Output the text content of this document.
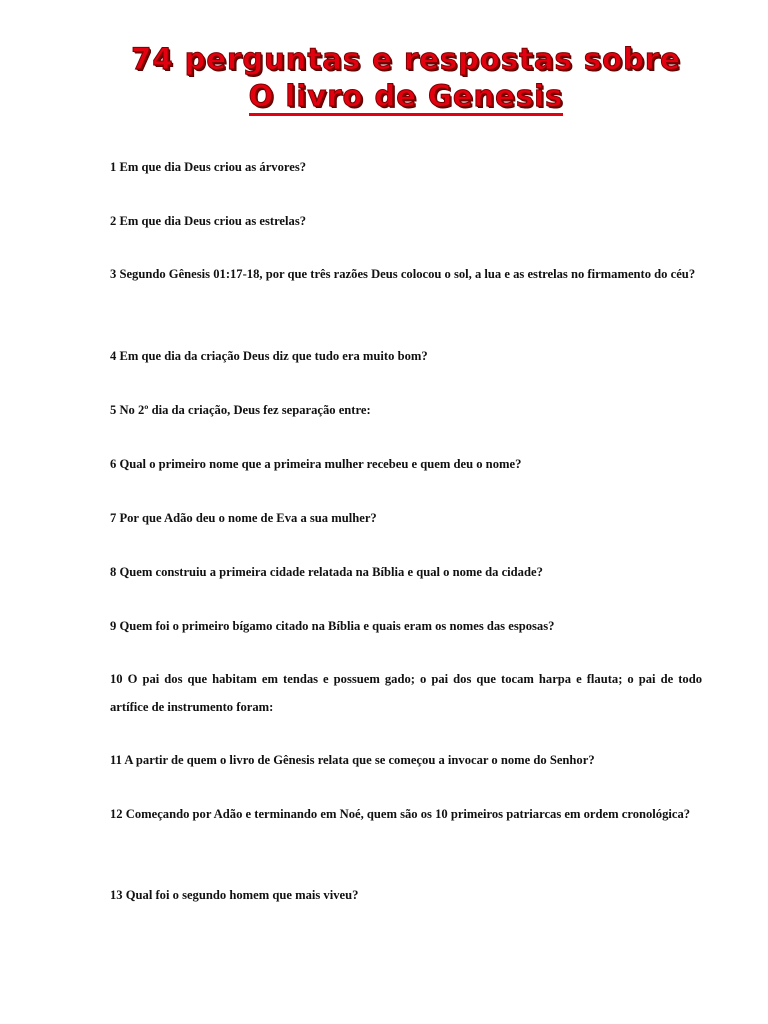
74 perguntas e respostas sobre
O livro de Genesis

1 Em que dia Deus criou as árvores?

2 Em que dia Deus criou as estrelas?

3 Segundo Gênesis 01:17-18, por que três razões Deus colocou o sol, a lua e as estrelas no firmamento do céu?

4 Em que dia da criação Deus diz que tudo era muito bom?

5 No 2º dia da criação, Deus fez separação entre:

6 Qual o primeiro nome que a primeira mulher recebeu e quem deu o nome?

7 Por que Adão deu o nome de Eva a sua mulher?

8 Quem construiu a primeira cidade relatada na Bíblia e qual o nome da cidade?

9 Quem foi o primeiro bígamo citado na Bíblia e quais eram os nomes das esposas?

10 O pai dos que habitam em tendas e possuem gado; o pai dos que tocam harpa e flauta; o pai de todo artífice de instrumento foram:

11 A partir de quem o livro de Gênesis relata que se começou a invocar o nome do Senhor?

12 Começando por Adão e terminando em Noé, quem são os 10 primeiros patriarcas em ordem cronológica?

13 Qual foi o segundo homem que mais viveu?
